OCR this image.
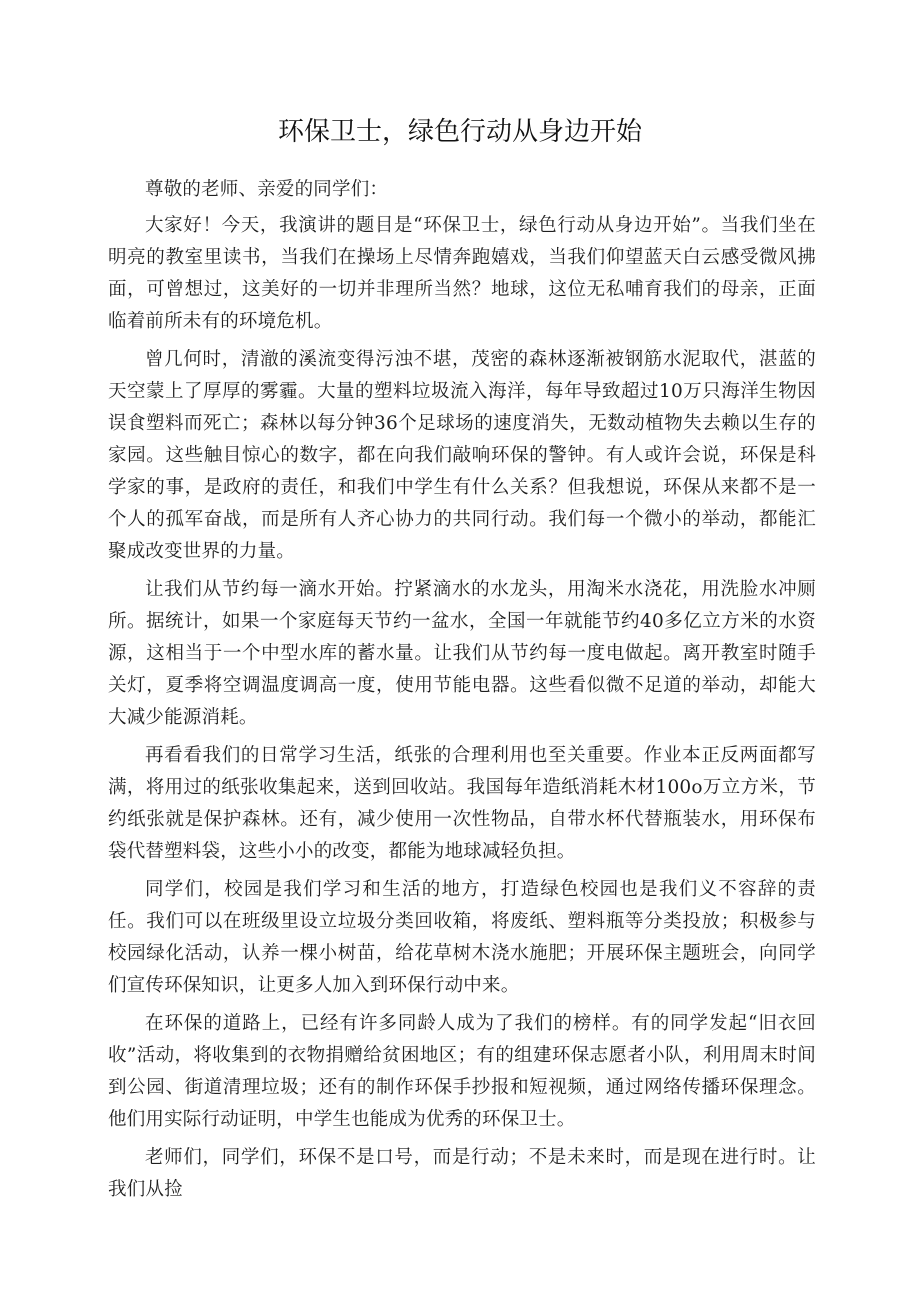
环保卫士，绿色行动从身边开始

尊敬的老师、亲爱的同学们：

大家好！今天，我演讲的题目是“环保卫士，绿色行动从身边开始”。当我们坐在明亮的教室里读书，当我们在操场上尽情奔跑嬉戏，当我们仰望蓝天白云感受微风拂面，可曾想过，这美好的一切并非理所当然？地球，这位无私哺育我们的母亲，正面临着前所未有的环境危机。

曾几何时，清澈的溪流变得污浊不堪，茂密的森林逐渐被钢筋水泥取代，湛蓝的天空蒙上了厚厚的雾霾。大量的塑料垃圾流入海洋，每年导致超过10万只海洋生物因误食塑料而死亡；森林以每分钟36个足球场的速度消失，无数动植物失去赖以生存的家园。这些触目惊心的数字，都在向我们敲响环保的警钟。有人或许会说，环保是科学家的事，是政府的责任，和我们中学生有什么关系？但我想说，环保从来都不是一个人的孤军奋战，而是所有人齐心协力的共同行动。我们每一个微小的举动，都能汇聚成改变世界的力量。

让我们从节约每一滴水开始。拧紧滴水的水龙头，用淘米水浇花，用洗脸水冲厕所。据统计，如果一个家庭每天节约一盆水，全国一年就能节约40多亿立方米的水资源，这相当于一个中型水库的蓄水量。让我们从节约每一度电做起。离开教室时随手关灯，夏季将空调温度调高一度，使用节能电器。这些看似微不足道的举动，却能大大减少能源消耗。

再看看我们的日常学习生活，纸张的合理利用也至关重要。作业本正反两面都写满，将用过的纸张收集起来，送到回收站。我国每年造纸消耗木材100o万立方米，节约纸张就是保护森林。还有，减少使用一次性物品，自带水杯代替瓶装水，用环保布袋代替塑料袋，这些小小的改变，都能为地球减轻负担。

同学们，校园是我们学习和生活的地方，打造绿色校园也是我们义不容辞的责任。我们可以在班级里设立垃圾分类回收箱，将废纸、塑料瓶等分类投放；积极参与校园绿化活动，认养一棵小树苗，给花草树木浇水施肥；开展环保主题班会，向同学们宣传环保知识，让更多人加入到环保行动中来。

在环保的道路上，已经有许多同龄人成为了我们的榜样。有的同学发起“旧衣回收”活动，将收集到的衣物捐赠给贫困地区；有的组建环保志愿者小队，利用周末时间到公园、街道清理垃圾；还有的制作环保手抄报和短视频，通过网络传播环保理念。他们用实际行动证明，中学生也能成为优秀的环保卫士。

老师们，同学们，环保不是口号，而是行动；不是未来时，而是现在进行时。让我们从捡
